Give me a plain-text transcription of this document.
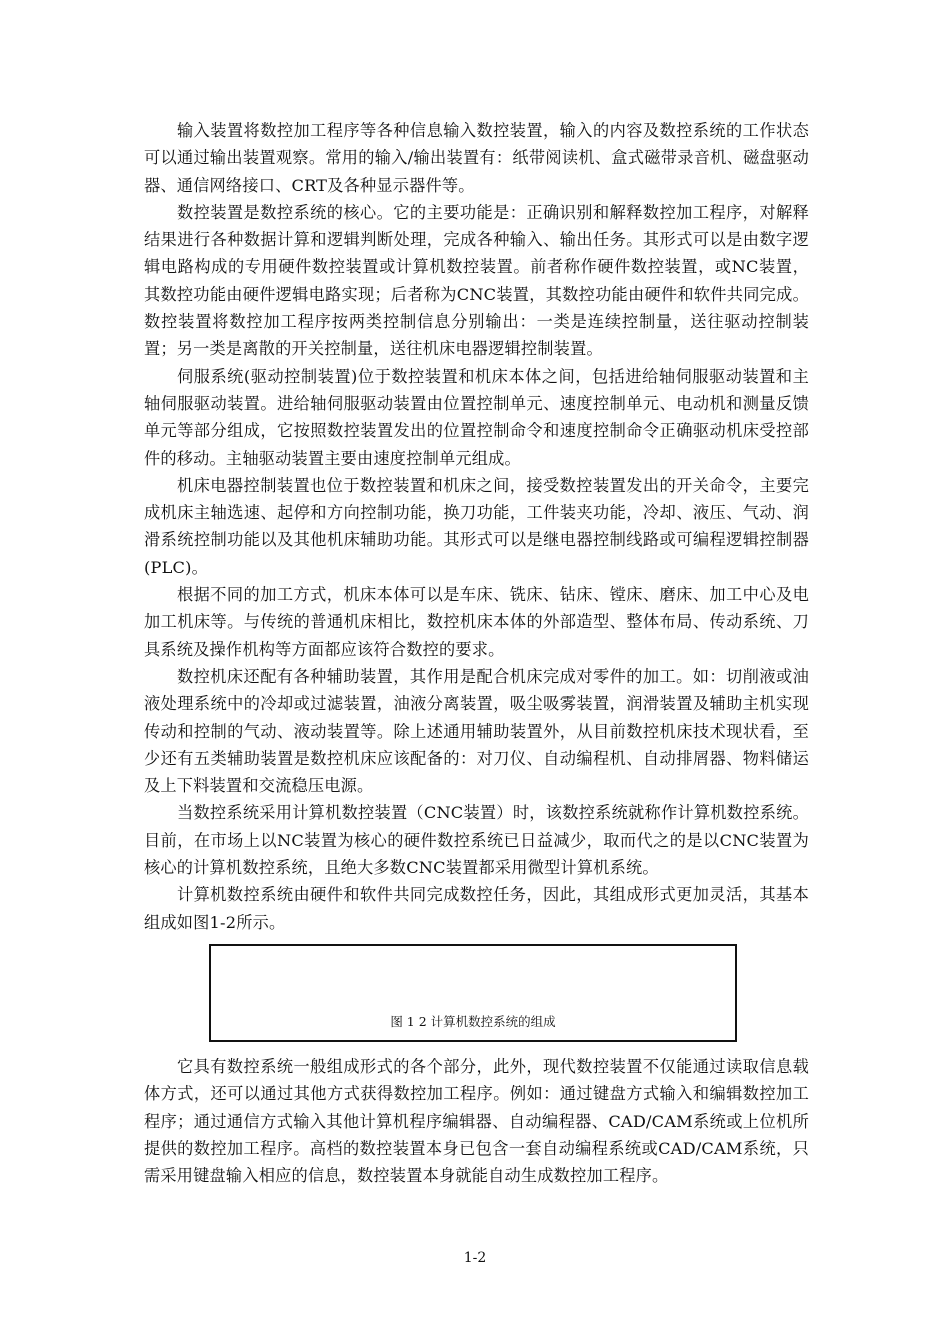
输入装置将数控加工程序等各种信息输入数控装置，输入的内容及数控系统的工作状态可以通过输出装置观察。常用的输入/输出装置有：纸带阅读机、盒式磁带录音机、磁盘驱动器、通信网络接口、CRT及各种显示器件等。

数控装置是数控系统的核心。它的主要功能是：正确识别和解释数控加工程序，对解释结果进行各种数据计算和逻辑判断处理，完成各种输入、输出任务。其形式可以是由数字逻辑电路构成的专用硬件数控装置或计算机数控装置。前者称作硬件数控装置，或NC装置，其数控功能由硬件逻辑电路实现；后者称为CNC装置，其数控功能由硬件和软件共同完成。数控装置将数控加工程序按两类控制信息分别输出：一类是连续控制量，送往驱动控制装置；另一类是离散的开关控制量，送往机床电器逻辑控制装置。

伺服系统(驱动控制装置)位于数控装置和机床本体之间，包括进给轴伺服驱动装置和主轴伺服驱动装置。进给轴伺服驱动装置由位置控制单元、速度控制单元、电动机和测量反馈单元等部分组成，它按照数控装置发出的位置控制命令和速度控制命令正确驱动机床受控部件的移动。主轴驱动装置主要由速度控制单元组成。

机床电器控制装置也位于数控装置和机床之间，接受数控装置发出的开关命令，主要完成机床主轴选速、起停和方向控制功能，换刀功能，工件装夹功能，冷却、液压、气动、润滑系统控制功能以及其他机床辅助功能。其形式可以是继电器控制线路或可编程逻辑控制器(PLC)。

根据不同的加工方式，机床本体可以是车床、铣床、钻床、镗床、磨床、加工中心及电加工机床等。与传统的普通机床相比，数控机床本体的外部造型、整体布局、传动系统、刀具系统及操作机构等方面都应该符合数控的要求。

数控机床还配有各种辅助装置，其作用是配合机床完成对零件的加工。如：切削液或油液处理系统中的冷却或过滤装置，油液分离装置，吸尘吸雾装置，润滑装置及辅助主机实现传动和控制的气动、液动装置等。除上述通用辅助装置外，从目前数控机床技术现状看，至少还有五类辅助装置是数控机床应该配备的：对刀仪、自动编程机、自动排屑器、物料储运及上下料装置和交流稳压电源。

当数控系统采用计算机数控装置（CNC装置）时，该数控系统就称作计算机数控系统。目前，在市场上以NC装置为核心的硬件数控系统已日益减少，取而代之的是以CNC装置为核心的计算机数控系统，且绝大多数CNC装置都采用微型计算机系统。

计算机数控系统由硬件和软件共同完成数控任务，因此，其组成形式更加灵活，其基本组成如图1-2所示。

图 1 2 计算机数控系统的组成

它具有数控系统一般组成形式的各个部分，此外，现代数控装置不仅能通过读取信息载体方式，还可以通过其他方式获得数控加工程序。例如：通过键盘方式输入和编辑数控加工程序；通过通信方式输入其他计算机程序编辑器、自动编程器、CAD/CAM系统或上位机所提供的数控加工程序。高档的数控装置本身已包含一套自动编程系统或CAD/CAM系统，只需采用键盘输入相应的信息，数控装置本身就能自动生成数控加工程序。

1-2
